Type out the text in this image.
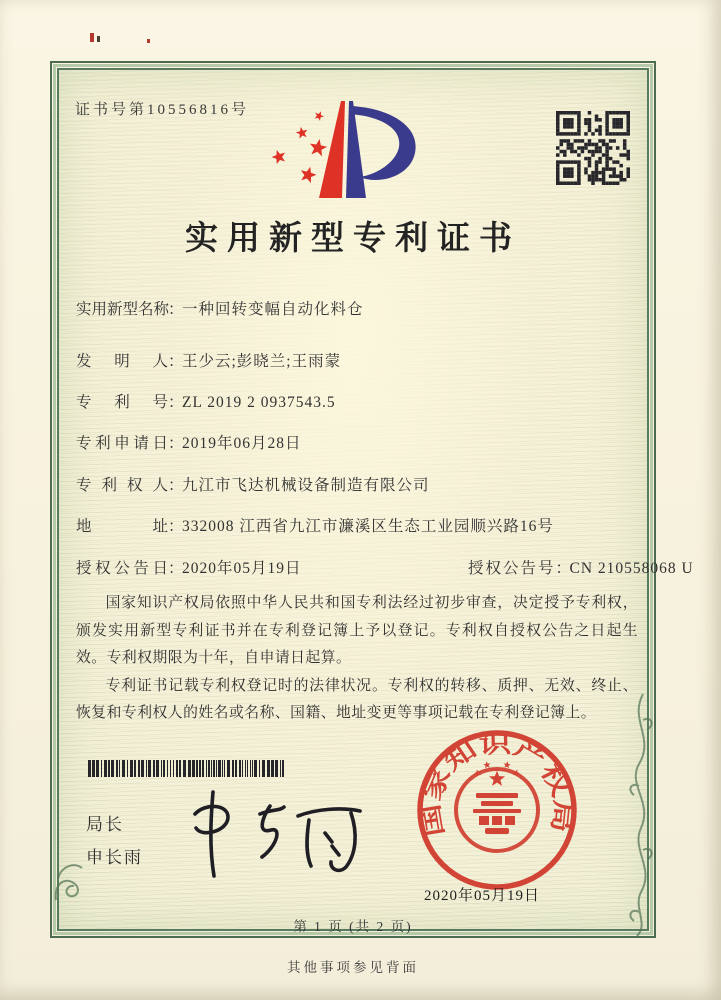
证书号第10556816号
实用新型专利证书
实用新型名称：一种回转变幅自动化料仓
发明人：王少云;彭晓兰;王雨蒙
专利号：ZL 2019 2 0937543.5
专利申请日：2019年06月28日
专利权人：九江市飞达机械设备制造有限公司
地址：332008 江西省九江市濂溪区生态工业园顺兴路16号
授权公告日：2020年05月19日	授权公告号：CN 210558068 U

国家知识产权局依照中华人民共和国专利法经过初步审查，决定授予专利权，颁发实用新型专利证书并在专利登记簿上予以登记。专利权自授权公告之日起生效。专利权期限为十年，自申请日起算。

专利证书记载专利权登记时的法律状况。专利权的转移、质押、无效、终止、恢复和专利权人的姓名或名称、国籍、地址变更等事项记载在专利登记簿上。

局长
申长雨
国家知识产权局
2020年05月19日
第 1 页 (共 2 页)
其他事项参见背面
